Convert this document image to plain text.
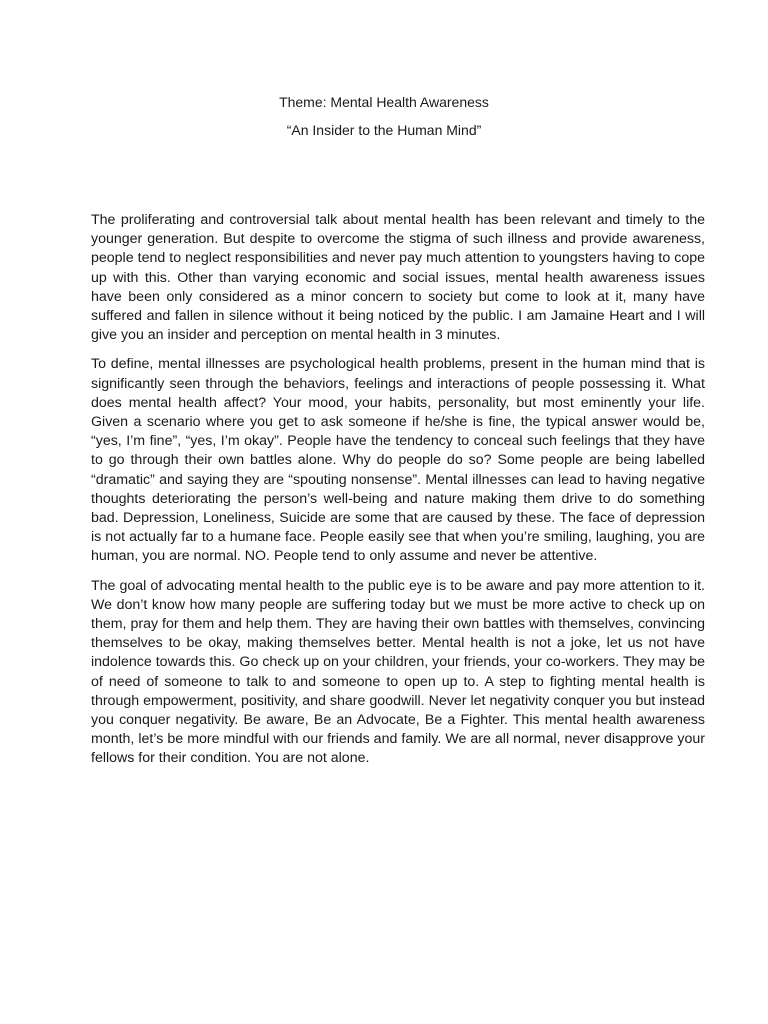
Theme: Mental Health Awareness

“An Insider to the Human Mind”

The proliferating and controversial talk about mental health has been relevant and timely to the younger generation. But despite to overcome the stigma of such illness and provide awareness, people tend to neglect responsibilities and never pay much attention to youngsters having to cope up with this. Other than varying economic and social issues, mental health awareness issues have been only considered as a minor concern to society but come to look at it, many have suffered and fallen in silence without it being noticed by the public. I am Jamaine Heart and I will give you an insider and perception on mental health in 3 minutes.

To define, mental illnesses are psychological health problems, present in the human mind that is significantly seen through the behaviors, feelings and interactions of people possessing it. What does mental health affect? Your mood, your habits, personality, but most eminently your life. Given a scenario where you get to ask someone if he/she is fine, the typical answer would be, “yes, I’m fine”, “yes, I’m okay”. People have the tendency to conceal such feelings that they have to go through their own battles alone. Why do people do so? Some people are being labelled “dramatic” and saying they are “spouting nonsense”. Mental illnesses can lead to having negative thoughts deteriorating the person’s well-being and nature making them drive to do something bad. Depression, Loneliness, Suicide are some that are caused by these. The face of depression is not actually far to a humane face. People easily see that when you’re smiling, laughing, you are human, you are normal. NO. People tend to only assume and never be attentive.

The goal of advocating mental health to the public eye is to be aware and pay more attention to it. We don’t know how many people are suffering today but we must be more active to check up on them, pray for them and help them. They are having their own battles with themselves, convincing themselves to be okay, making themselves better. Mental health is not a joke, let us not have indolence towards this. Go check up on your children, your friends, your co-workers. They may be of need of someone to talk to and someone to open up to. A step to fighting mental health is through empowerment, positivity, and share goodwill. Never let negativity conquer you but instead you conquer negativity. Be aware, Be an Advocate, Be a Fighter. This mental health awareness month, let’s be more mindful with our friends and family. We are all normal, never disapprove your fellows for their condition. You are not alone.
